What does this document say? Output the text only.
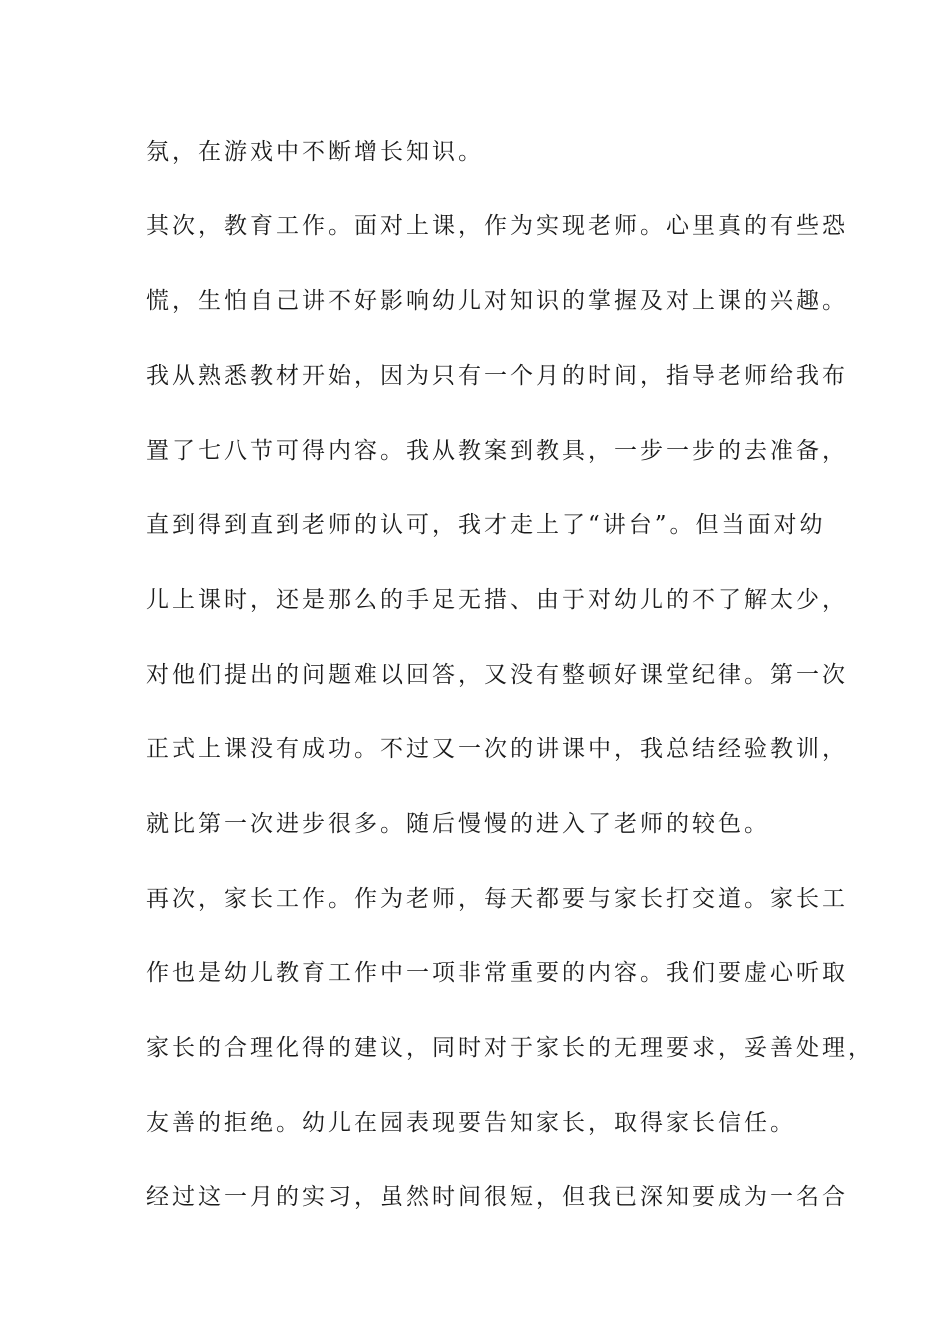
氛，在游戏中不断增长知识。
其次，教育工作。面对上课，作为实现老师。心里真的有些恐
慌，生怕自己讲不好影响幼儿对知识的掌握及对上课的兴趣。
我从熟悉教材开始，因为只有一个月的时间，指导老师给我布
置了七八节可得内容。我从教案到教具，一步一步的去准备，
直到得到直到老师的认可，我才走上了“讲台”。但当面对幼
儿上课时，还是那么的手足无措、由于对幼儿的不了解太少，
对他们提出的问题难以回答，又没有整顿好课堂纪律。第一次
正式上课没有成功。不过又一次的讲课中，我总结经验教训，
就比第一次进步很多。随后慢慢的进入了老师的较色。
再次，家长工作。作为老师，每天都要与家长打交道。家长工
作也是幼儿教育工作中一项非常重要的内容。我们要虚心听取
家长的合理化得的建议，同时对于家长的无理要求，妥善处理，
友善的拒绝。幼儿在园表现要告知家长，取得家长信任。
经过这一月的实习，虽然时间很短，但我已深知要成为一名合
